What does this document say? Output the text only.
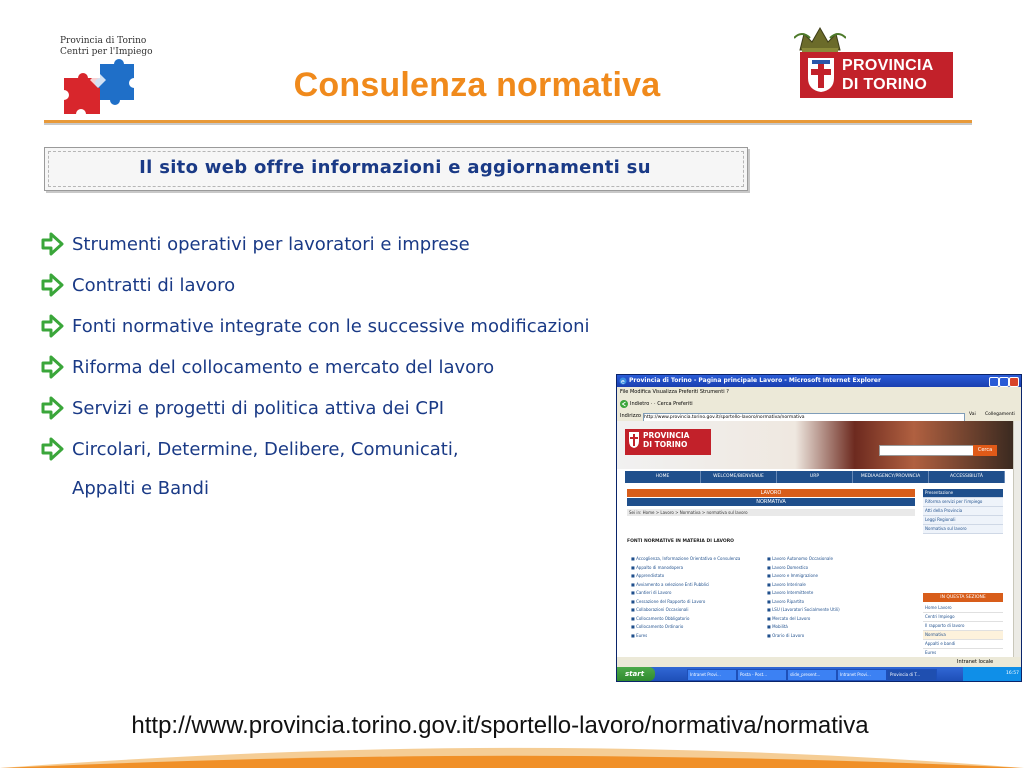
Provincia di Torino
Centri per l'Impiego
Consulenza normativa
PROVINCIA
DI TORINO
Il sito web offre informazioni e aggiornamenti su
Strumenti operativi per lavoratori e imprese
Contratti di lavoro
Fonti normative integrate con le successive modificazioni
Riforma del collocamento e mercato del lavoro
Servizi e progetti di politica attiva dei CPI
Circolari, Determine, Delibere, Comunicati,
Appalti e Bandi
e Provincia di Torino - Pagina principale Lavoro - Microsoft Internet Explorer
File Modifica Visualizza Preferiti Strumenti ?
Indietro · · Cerca Preferiti
Indirizzo http://www.provincia.torino.gov.it/sportello-lavoro/normativa/normativa
Vai Collegamenti
PROVINCIA
DI TORINO
Cerca
HOME	WELCOME/BIENVENUE	URP	MEDIAAGENCY/PROVINCIA	ACCESSIBILITÀ
LAVORO
NORMATIVA
Sei in: Home > Lavoro > Normativa > normativa sul lavoro
FONTI NORMATIVE IN MATERIA DI LAVORO
■ Accoglienza, Informazione Orientativa e Consulenza
■ Appalto di manodopera
■ Apprendistato
■ Avviamento a selezione Enti Pubblici
■ Cantieri di Lavoro
■ Cessazione del Rapporto di Lavoro
■ Collaborazioni Occasionali
■ Collocamento Obbligatorio
■ Collocamento Ordinario
■ Eures
■ Lavoro Autonomo Occasionale
■ Lavoro Domestico
■ Lavoro e Immigrazione
■ Lavoro Interinale
■ Lavoro Intermittente
■ Lavoro Ripartito
■ LSU (Lavoratori Socialmente Utili)
■ Mercato del Lavoro
■ Mobilità
■ Orario di Lavoro
Presentazione
Riforma servizi per l'impiego
Atti della Provincia
Leggi Regionali
Normativa sul lavoro
IN QUESTA SEZIONE
Home Lavoro
Centri Impiego
Il rapporto di lavoro
Normativa
Appalti e bandi
Eures
Intranet locale
start	Intranet Provi...	Posta - Post...	slide_present...	Intranet Provi...	Provincia di T...	16:57
http://www.provincia.torino.gov.it/sportello-lavoro/normativa/normativa
